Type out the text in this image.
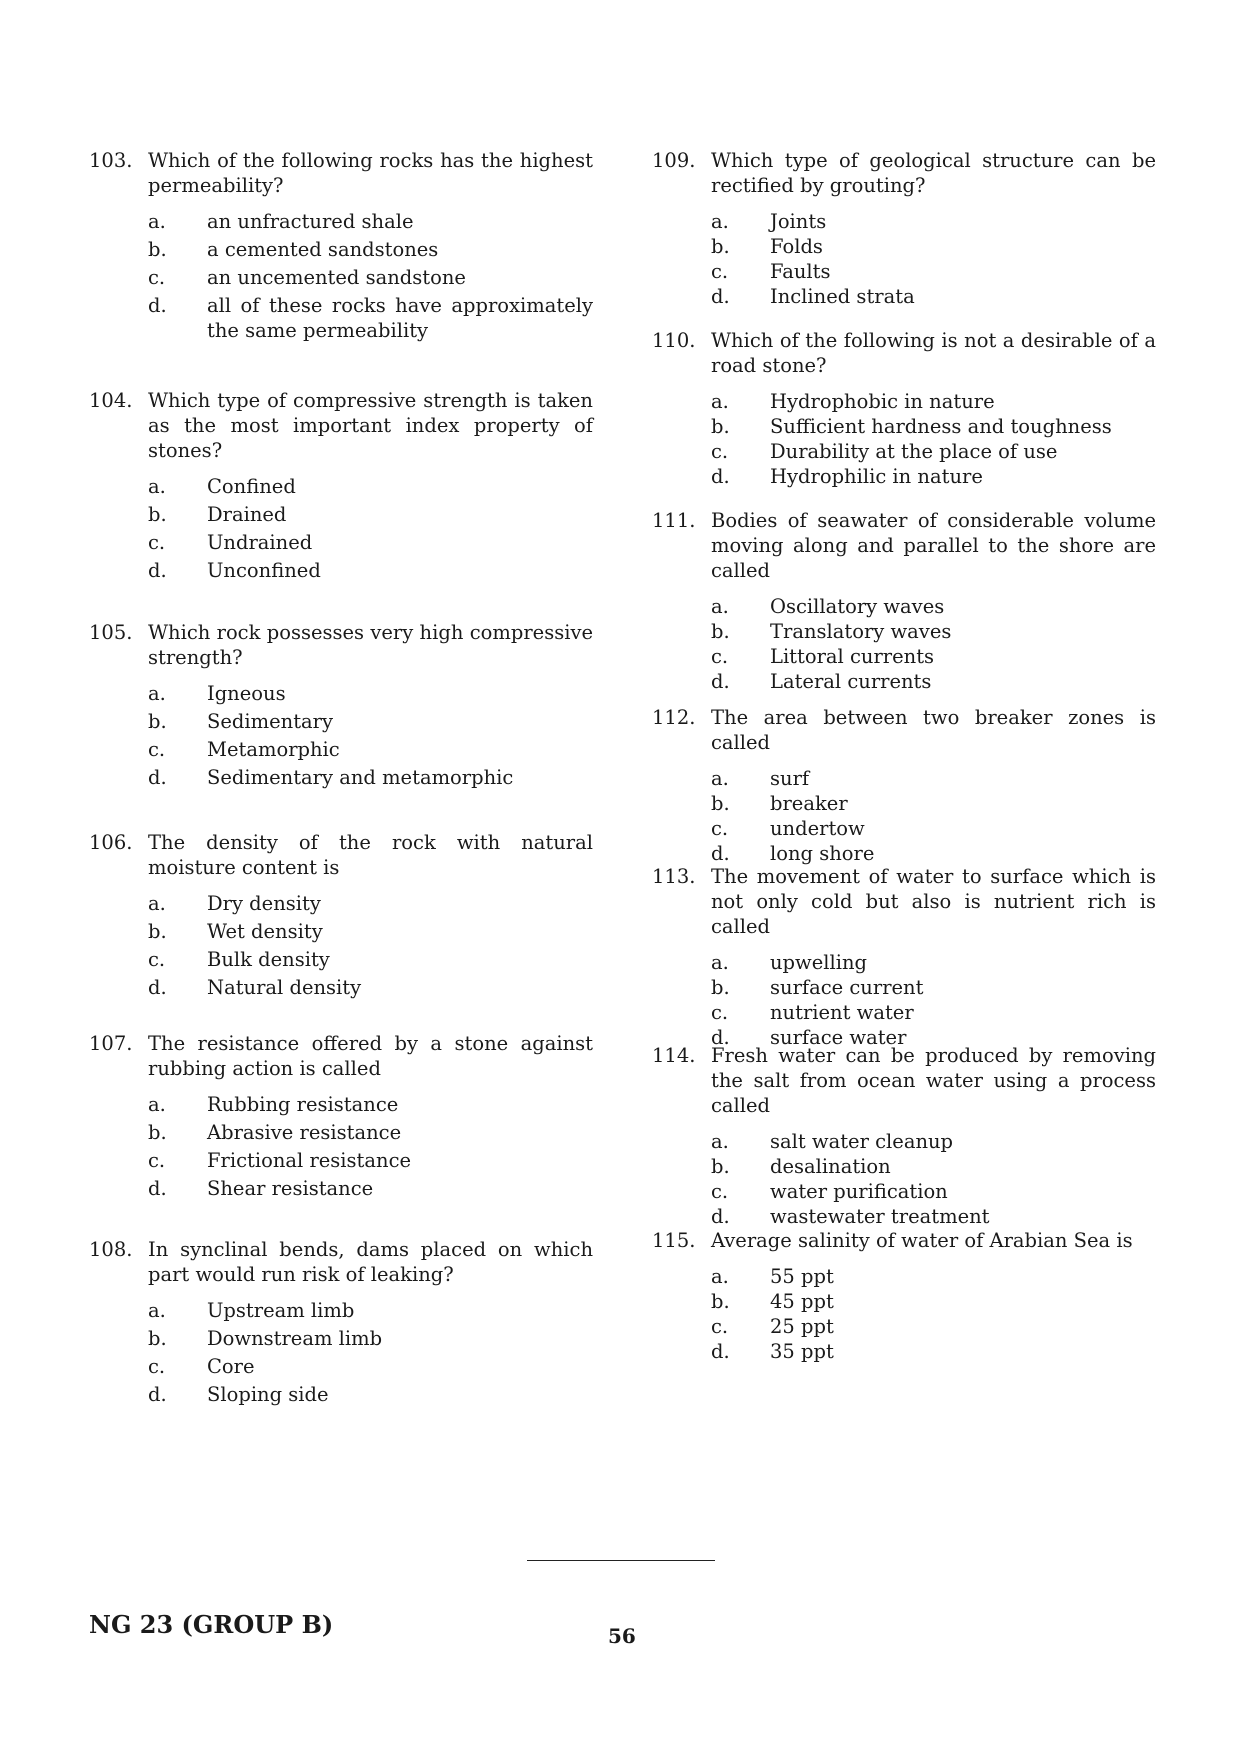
103. Which of the following rocks has the highest permeability?
a. an unfractured shale
b. a cemented sandstones
c. an uncemented sandstone
d. all of these rocks have approximately the same permeability
104. Which type of compressive strength is taken as the most important index property of stones?
a. Confined
b. Drained
c. Undrained
d. Unconfined
105. Which rock possesses very high compressive strength?
a. Igneous
b. Sedimentary
c. Metamorphic
d. Sedimentary and metamorphic
106. The density of the rock with natural moisture content is
a. Dry density
b. Wet density
c. Bulk density
d. Natural density
107. The resistance offered by a stone against rubbing action is called
a. Rubbing resistance
b. Abrasive resistance
c. Frictional resistance
d. Shear resistance
108. In synclinal bends, dams placed on which part would run risk of leaking?
a. Upstream limb
b. Downstream limb
c. Core
d. Sloping side
109. Which type of geological structure can be rectified by grouting?
a. Joints
b. Folds
c. Faults
d. Inclined strata
110. Which of the following is not a desirable of a road stone?
a. Hydrophobic in nature
b. Sufficient hardness and toughness
c. Durability at the place of use
d. Hydrophilic in nature
111. Bodies of seawater of considerable volume moving along and parallel to the shore are called
a. Oscillatory waves
b. Translatory waves
c. Littoral currents
d. Lateral currents
112. The area between two breaker zones is called
a. surf
b. breaker
c. undertow
d. long shore
113. The movement of water to surface which is not only cold but also is nutrient rich is called
a. upwelling
b. surface current
c. nutrient water
d. surface water
114. Fresh water can be produced by removing the salt from ocean water using a process called
a. salt water cleanup
b. desalination
c. water purification
d. wastewater treatment
115. Average salinity of water of Arabian Sea is
a. 55 ppt
b. 45 ppt
c. 25 ppt
d. 35 ppt
NG 23 (GROUP B)	56
